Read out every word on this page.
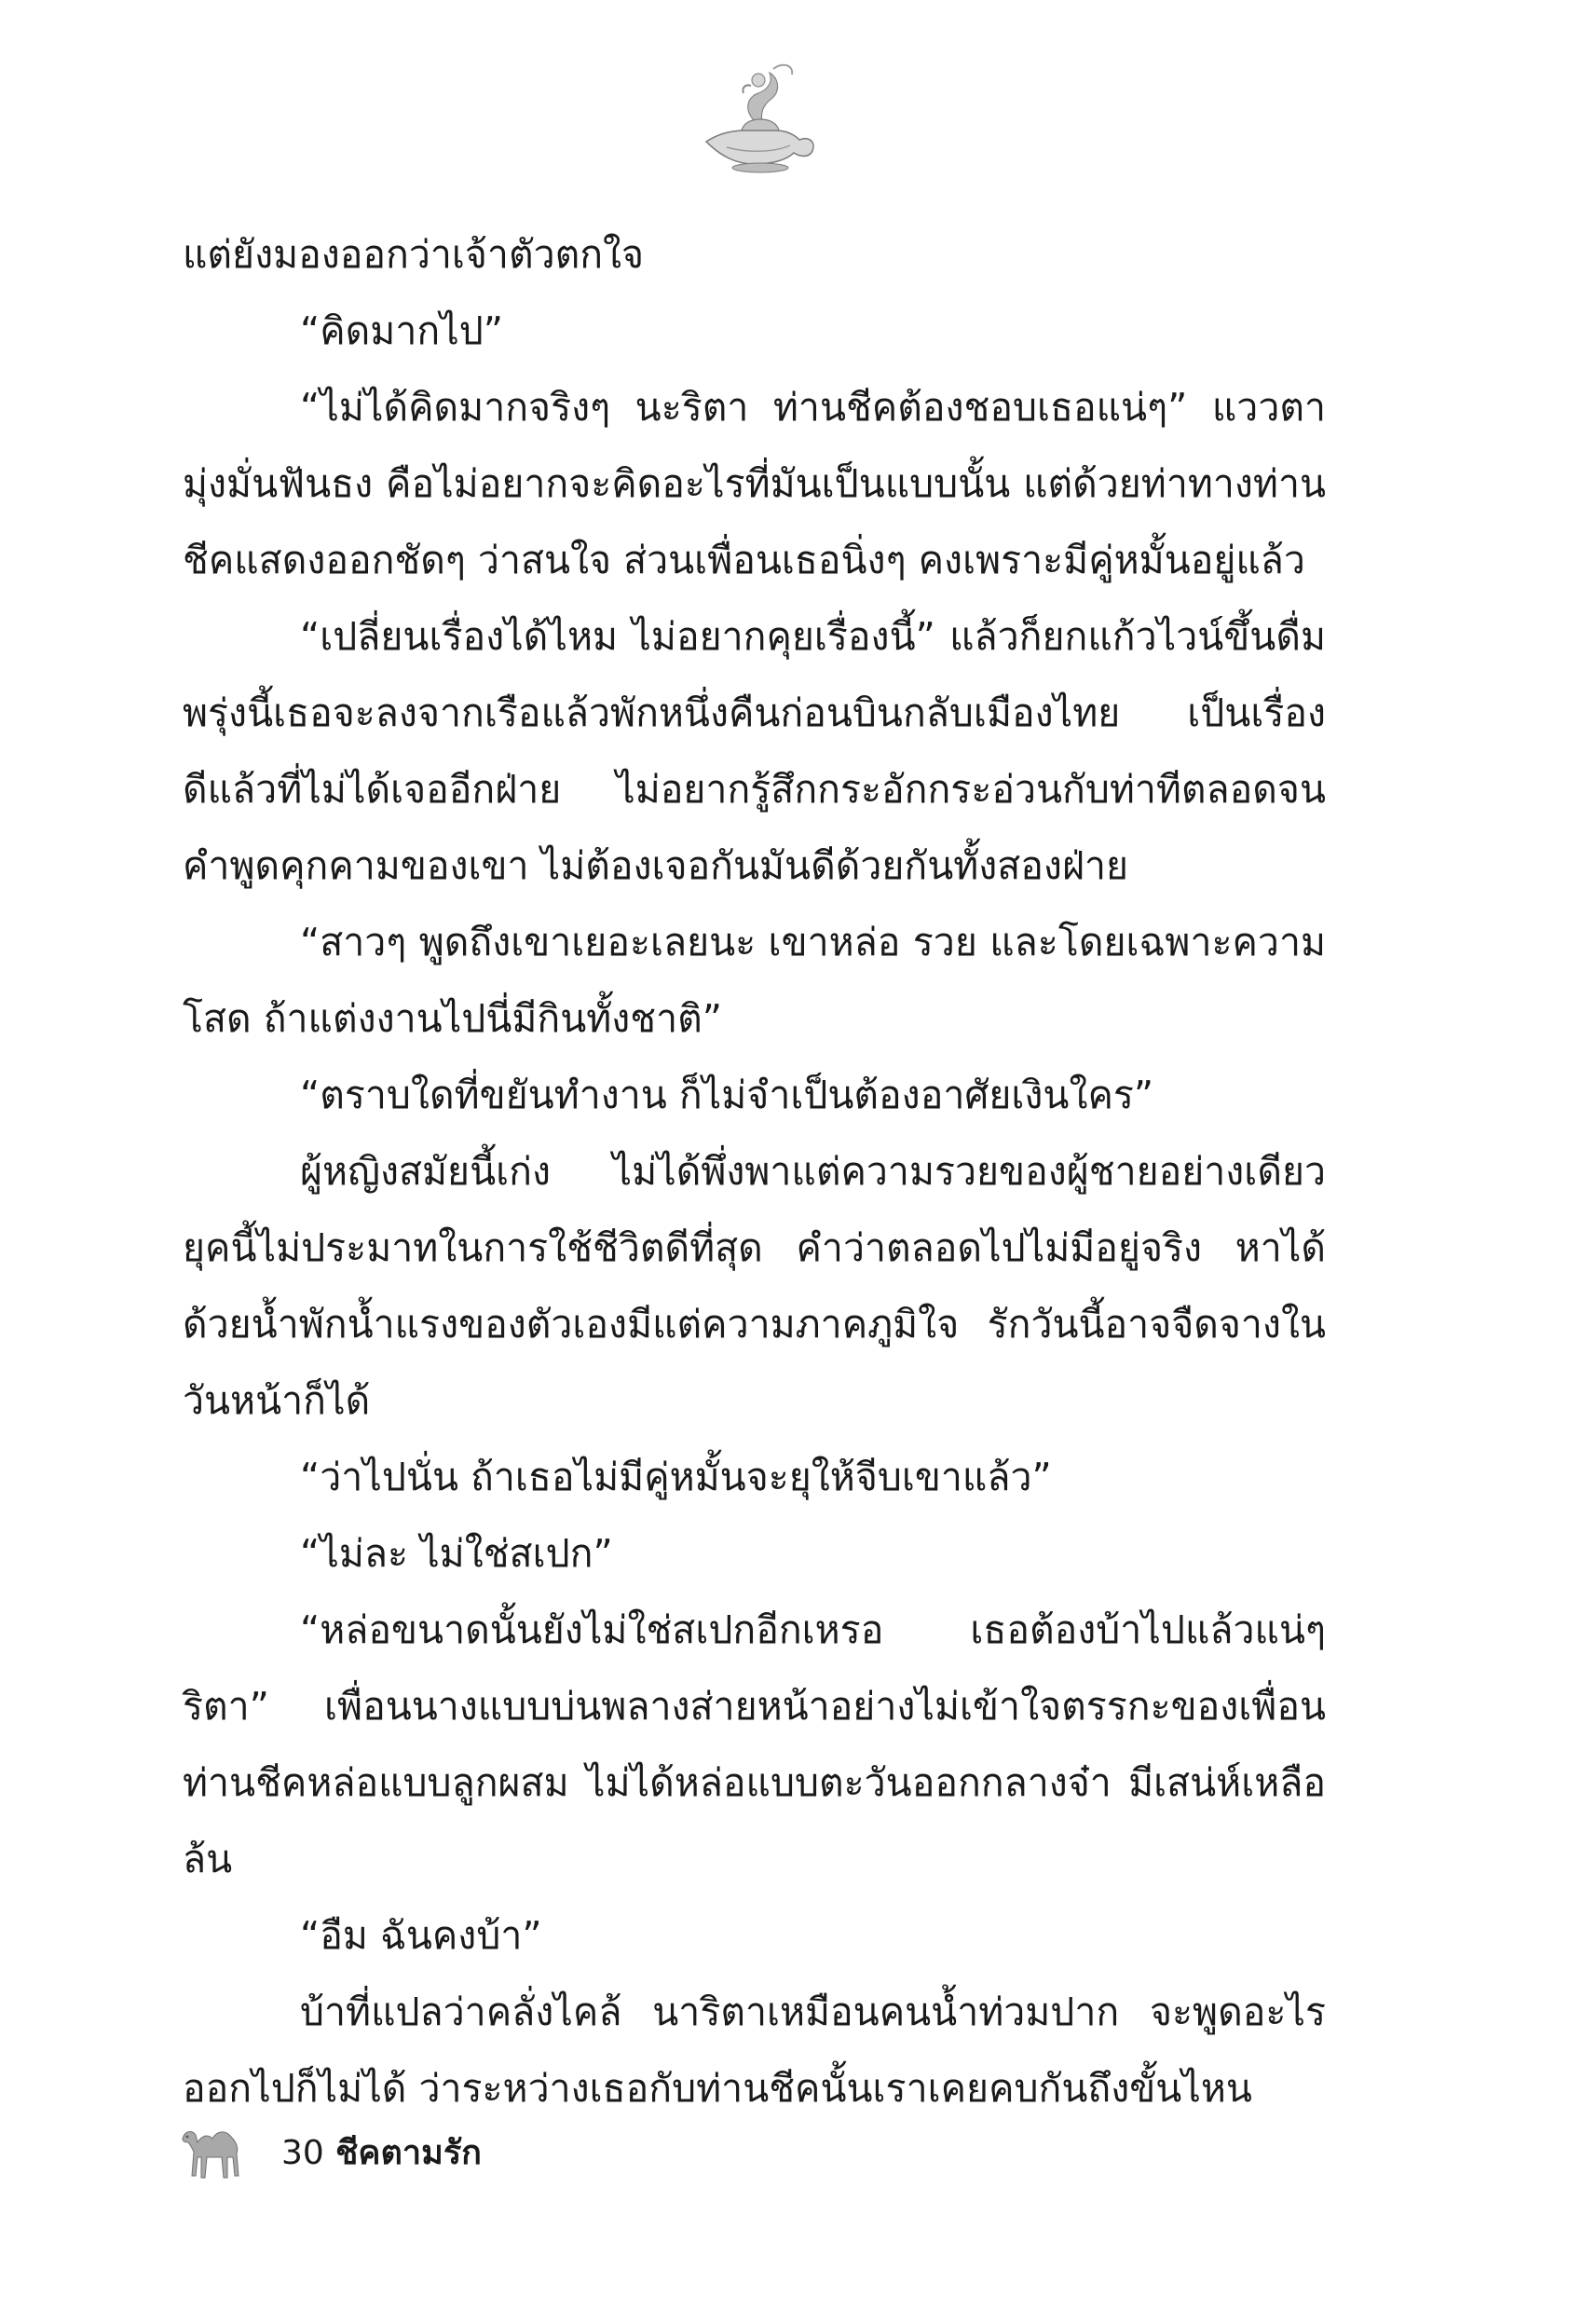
แต่ยังมองออกว่าเจ้าตัวตกใจ

“คิดมากไป”

“ไม่ได้คิดมากจริงๆ นะริตา ท่านชีคต้องชอบเธอแน่ๆ” แววตามุ่งมั่นฟันธง คือไม่อยากจะคิดอะไรที่มันเป็นแบบนั้น แต่ด้วยท่าทางท่านชีคแสดงออกชัดๆ ว่าสนใจ ส่วนเพื่อนเธอนิ่งๆ คงเพราะมีคู่หมั้นอยู่แล้ว

“เปลี่ยนเรื่องได้ไหม ไม่อยากคุยเรื่องนี้” แล้วก็ยกแก้วไวน์ขึ้นดื่ม พรุ่งนี้เธอจะลงจากเรือแล้วพักหนึ่งคืนก่อนบินกลับเมืองไทย เป็นเรื่องดีแล้วที่ไม่ได้เจออีกฝ่าย ไม่อยากรู้สึกกระอักกระอ่วนกับท่าทีตลอดจนคำพูดคุกคามของเขา ไม่ต้องเจอกันมันดีด้วยกันทั้งสองฝ่าย

“สาวๆ พูดถึงเขาเยอะเลยนะ เขาหล่อ รวย และโดยเฉพาะความโสด ถ้าแต่งงานไปนี่มีกินทั้งชาติ”

“ตราบใดที่ขยันทำงาน ก็ไม่จำเป็นต้องอาศัยเงินใคร”

ผู้หญิงสมัยนี้เก่ง ไม่ได้พึ่งพาแต่ความรวยของผู้ชายอย่างเดียว ยุคนี้ไม่ประมาทในการใช้ชีวิตดีที่สุด คำว่าตลอดไปไม่มีอยู่จริง หาได้ด้วยน้ำพักน้ำแรงของตัวเองมีแต่ความภาคภูมิใจ รักวันนี้อาจจืดจางในวันหน้าก็ได้

“ว่าไปนั่น ถ้าเธอไม่มีคู่หมั้นจะยุให้จีบเขาแล้ว”

“ไม่ละ ไม่ใช่สเปก”

“หล่อขนาดนั้นยังไม่ใช่สเปกอีกเหรอ เธอต้องบ้าไปแล้วแน่ๆ ริตา” เพื่อนนางแบบบ่นพลางส่ายหน้าอย่างไม่เข้าใจตรรกะของเพื่อน ท่านชีคหล่อแบบลูกผสม ไม่ได้หล่อแบบตะวันออกกลางจ๋า มีเสน่ห์เหลือล้น

“อืม ฉันคงบ้า”

บ้าที่แปลว่าคลั่งไคล้ นาริตาเหมือนคนน้ำท่วมปาก จะพูดอะไรออกไปก็ไม่ได้ ว่าระหว่างเธอกับท่านชีคนั้นเราเคยคบกันถึงขั้นไหน

30 ชีคตามรัก
